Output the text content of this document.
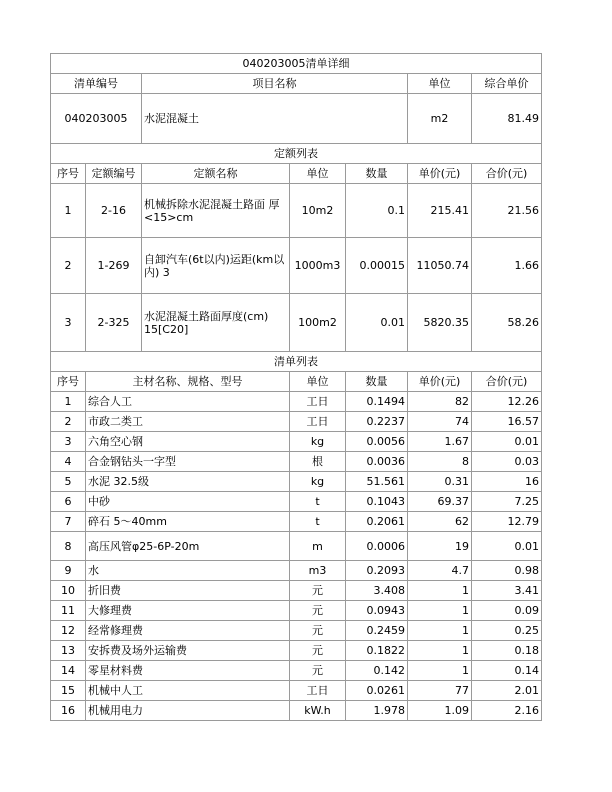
040203005清单详细						
清单编号		项目名称			单位	综合单价
040203005		水泥混凝土			m2	81.49
定额列表						
序号	定额编号	定额名称	单位	数量	单价(元)	合价(元)
1	2-16	机械拆除水泥混凝土路面 厚<15>cm	10m2	0.1	215.41	21.56
2	1-269	自卸汽车(6t以内)运距(km以内) 3	1000m3	0.00015	11050.74	1.66
3	2-325	水泥混凝土路面厚度(cm) 15[C20]	100m2	0.01	5820.35	58.26
清单列表						
序号	主材名称、规格、型号		单位	数量	单价(元)	合价(元)
1	综合人工		工日	0.1494	82	12.26
2	市政二类工		工日	0.2237	74	16.57
3	六角空心钢		kg	0.0056	1.67	0.01
4	合金钢钻头一字型		根	0.0036	8	0.03
5	水泥 32.5级		kg	51.561	0.31	16
6	中砂		t	0.1043	69.37	7.25
7	碎石 5～40mm		t	0.2061	62	12.79
8	高压风管φ25-6P-20m		m	0.0006	19	0.01
9	水		m3	0.2093	4.7	0.98
10	折旧费		元	3.408	1	3.41
11	大修理费		元	0.0943	1	0.09
12	经常修理费		元	0.2459	1	0.25
13	安拆费及场外运输费		元	0.1822	1	0.18
14	零星材料费		元	0.142	1	0.14
15	机械中人工		工日	0.0261	77	2.01
16	机械用电力		kW.h	1.978	1.09	2.16
